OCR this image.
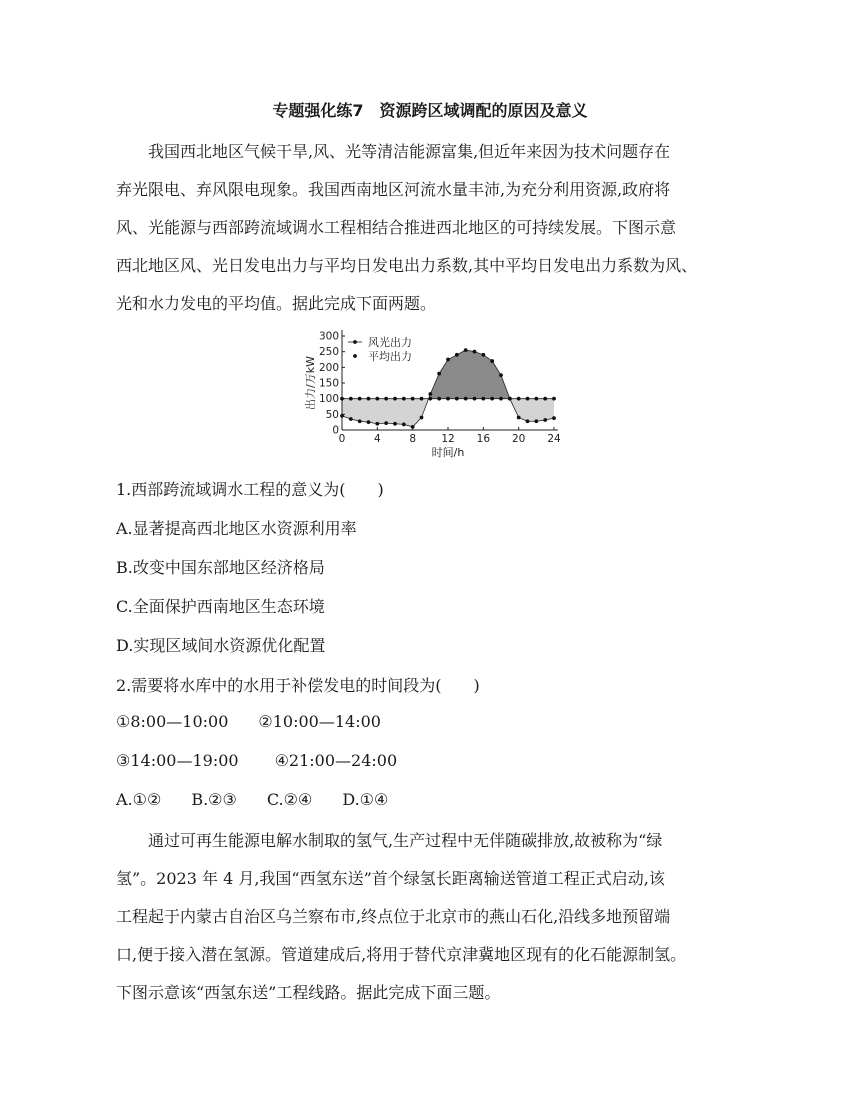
专题强化练7　资源跨区域调配的原因及意义
我国西北地区气候干旱,风、光等清洁能源富集,但近年来因为技术问题存在
弃光限电、弃风限电现象。我国西南地区河流水量丰沛,为充分利用资源,政府将
风、光能源与西部跨流域调水工程相结合推进西北地区的可持续发展。下图示意
西北地区风、光日发电出力与平均日发电出力系数,其中平均日发电出力系数为风、
光和水力发电的平均值。据此完成下面两题。
0
50
100
150
200
250
300
0	4	8 12 16 20 24
出力/万kW
时间/h
风光出力
平均出力
1.西部跨流域调水工程的意义为(　　)
A.显著提高西北地区水资源利用率
B.改变中国东部地区经济格局
C.全面保护西南地区生态环境
D.实现区域间水资源优化配置
2.需要将水库中的水用于补偿发电的时间段为(　　)
①8:00—10:00 ②10:00—14:00
③14:00—19:00 ④21:00—24:00
A.①② B.②③ C.②④ D.①④
通过可再生能源电解水制取的氢气,生产过程中无伴随碳排放,故被称为“绿
氢”。2023 年 4 月,我国“西氢东送”首个绿氢长距离输送管道工程正式启动,该
工程起于内蒙古自治区乌兰察布市,终点位于北京市的燕山石化,沿线多地预留端
口,便于接入潜在氢源。管道建成后,将用于替代京津冀地区现有的化石能源制氢。
下图示意该“西氢东送”工程线路。据此完成下面三题。
